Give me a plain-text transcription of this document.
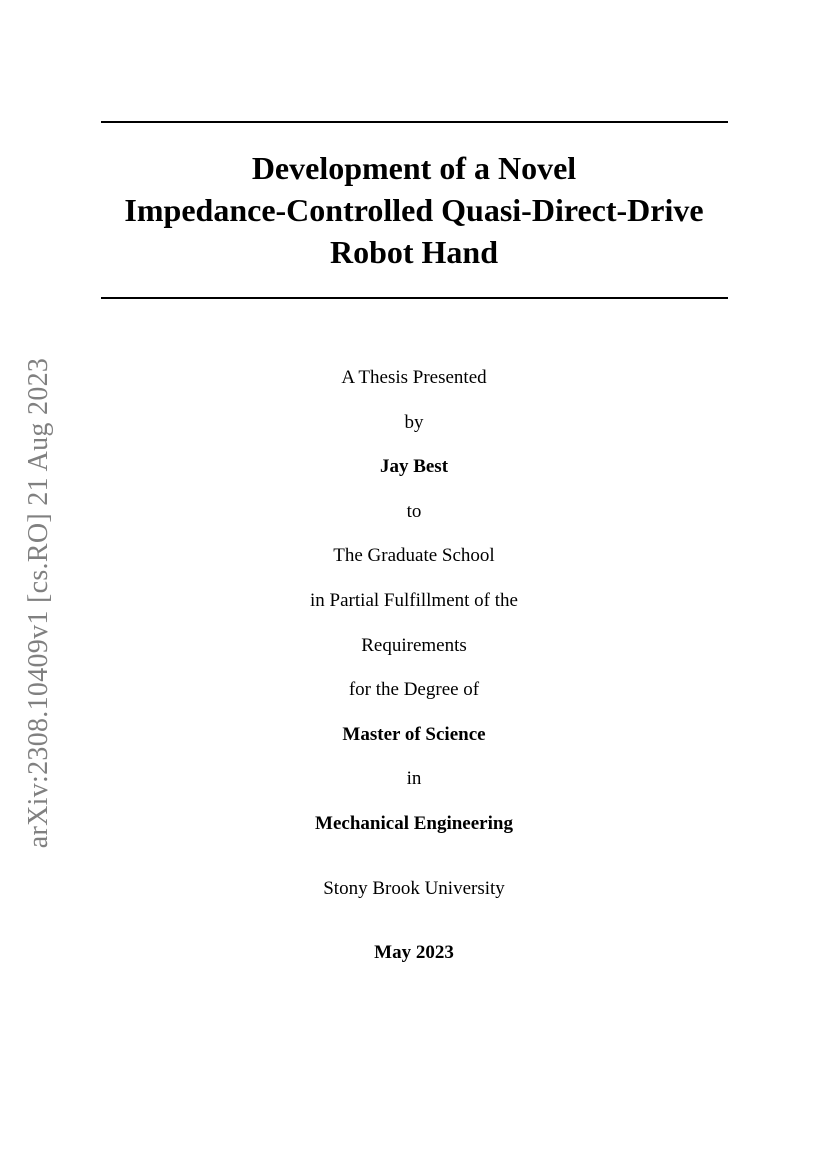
arXiv:2308.10409v1 [cs.RO] 21 Aug 2023
Development of a Novel
Impedance-Controlled Quasi-Direct-Drive
Robot Hand
A Thesis Presented
by
Jay Best
to
The Graduate School
in Partial Fulfillment of the
Requirements
for the Degree of
Master of Science
in
Mechanical Engineering
Stony Brook University
May 2023
